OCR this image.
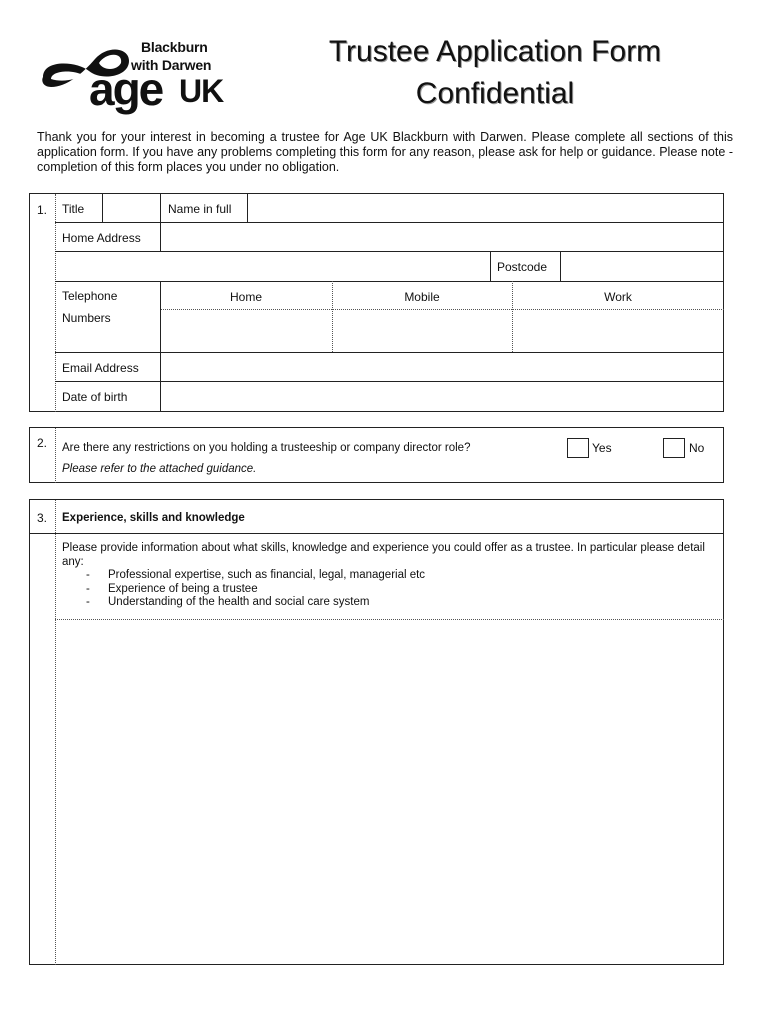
Blackburn
with Darwen
age UK
Trustee Application Form
Confidential
Thank you for your interest in becoming a trustee for Age UK Blackburn with Darwen. Please complete all sections of this application form. If you have any problems completing this form for any reason, please ask for help or guidance. Please note - completion of this form places you under no obligation.
1. Title	Name in full
Home Address
Postcode
Telephone
Numbers
Home	Mobile	Work
Email Address
Date of birth
2. Are there any restrictions on you holding a trusteeship or company director role?
Please refer to the attached guidance.
Yes	No
3. Experience, skills and knowledge
Please provide information about what skills, knowledge and experience you could offer as a trustee. In particular please detail any:
- Professional expertise, such as financial, legal, managerial etc
- Experience of being a trustee
- Understanding of the health and social care system
